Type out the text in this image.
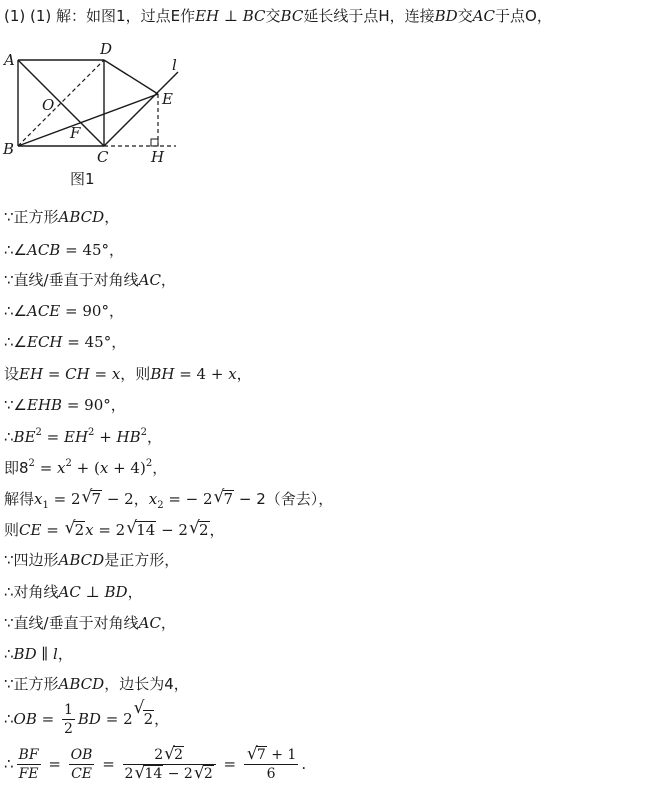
(1) (1) 解：如图1，过点E作EH ⊥ BC交BC延长线于点H，连接BD交AC于点O，
A
D
l
E
O
F
B	C	H
图1
∵正方形ABCD，
∴∠ACB = 45°，
∵直线/垂直于对角线AC，
∴∠ACE = 90°，
∴∠ECH = 45°，
设EH = CH = x，则BH = 4 + x，
∵∠EHB = 90°，
$\therefore BE^2 = EH^2 + HB^2$，
即$8^2 = x^2 + (x + 4)^2$，
解得$x_1 = 2$ √ 7 − 2，$x_2$ = − 2 √ 7 − 2（舍去），
则CE = √ 2x = 2 √ 14 − 2 √ 2，
∵四边形ABCD是正方形，
∴对角线AC ⊥ BD，
∵直线/垂直于对角线AC，
∴BD ∥ l，
∵正方形ABCD，边长为4，
∴OB = $\frac{1}{2}$ BD = 2
√
2，
∴ $\frac{BF}{FE} = \frac{OB}{CE} = \frac{2 √ 2}{2 √ 14 - 2 √ 2} = \frac{√ 7 + 1}{6}$ .
